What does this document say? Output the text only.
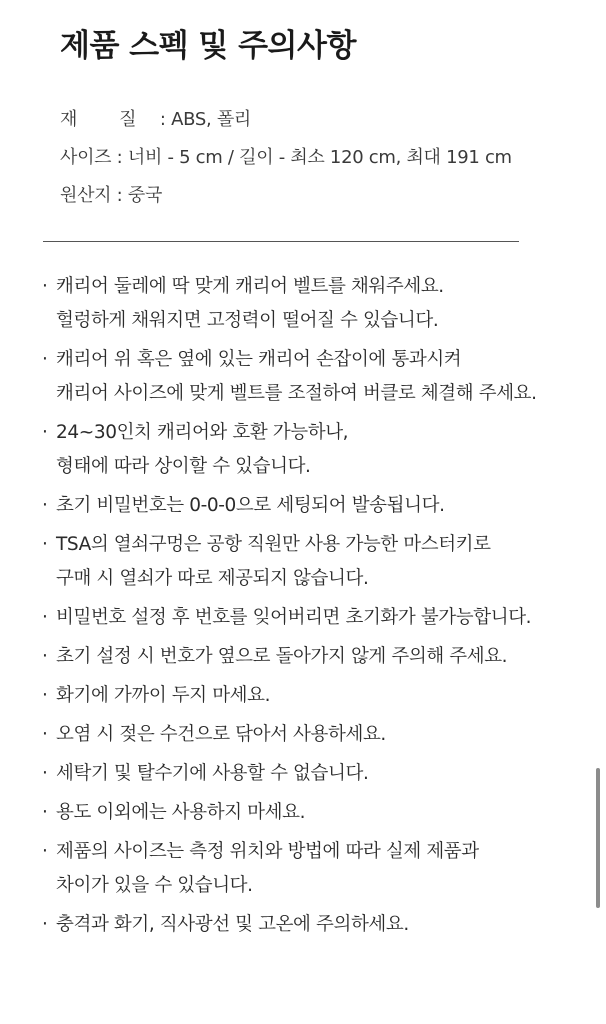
제품 스펙 및 주의사항
재 질 : ABS, 폴리
사이즈 : 너비 - 5 cm / 길이 - 최소 120 cm, 최대 191 cm
원산지 : 중국
· 캐리어 둘레에 딱 맞게 캐리어 벨트를 채워주세요.
헐렁하게 채워지면 고정력이 떨어질 수 있습니다.
· 캐리어 위 혹은 옆에 있는 캐리어 손잡이에 통과시켜
캐리어 사이즈에 맞게 벨트를 조절하여 버클로 체결해 주세요.
· 24~30인치 캐리어와 호환 가능하나,
형태에 따라 상이할 수 있습니다.
· 초기 비밀번호는 0-0-0으로 세팅되어 발송됩니다.
· TSA의 열쇠구멍은 공항 직원만 사용 가능한 마스터키로
구매 시 열쇠가 따로 제공되지 않습니다.
· 비밀번호 설정 후 번호를 잊어버리면 초기화가 불가능합니다.
· 초기 설정 시 번호가 옆으로 돌아가지 않게 주의해 주세요.
· 화기에 가까이 두지 마세요.
· 오염 시 젖은 수건으로 닦아서 사용하세요.
· 세탁기 및 탈수기에 사용할 수 없습니다.
· 용도 이외에는 사용하지 마세요.
· 제품의 사이즈는 측정 위치와 방법에 따라 실제 제품과
차이가 있을 수 있습니다.
· 충격과 화기, 직사광선 및 고온에 주의하세요.
